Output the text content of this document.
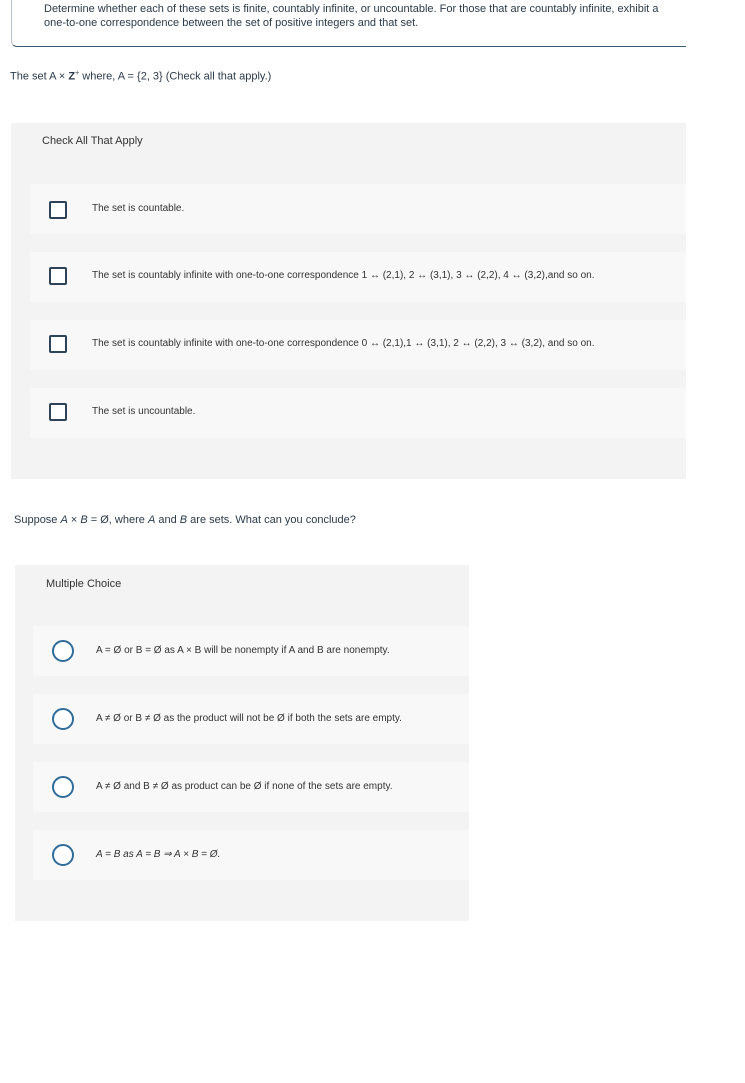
Determine whether each of these sets is finite, countably infinite, or uncountable. For those that are countably infinite, exhibit a one-to-one correspondence between the set of positive integers and that set.
The set A × Z+ where, A = {2, 3} (Check all that apply.)
Check All That Apply
The set is countable.
The set is countably infinite with one-to-one correspondence 1 ↔ (2,1), 2 ↔ (3,1), 3 ↔ (2,2), 4 ↔ (3,2),and so on.
The set is countably infinite with one-to-one correspondence 0 ↔ (2,1),1 ↔ (3,1), 2 ↔ (2,2), 3 ↔ (3,2), and so on.
The set is uncountable.
Suppose A × B = Ø, where A and B are sets. What can you conclude?
Multiple Choice
A = Ø or B = Ø as A × B will be nonempty if A and B are nonempty.
A ≠ Ø or B ≠ Ø as the product will not be Ø if both the sets are empty.
A ≠ Ø and B ≠ Ø as product can be Ø if none of the sets are empty.
A = B as A = B ⇒ A × B = Ø.
